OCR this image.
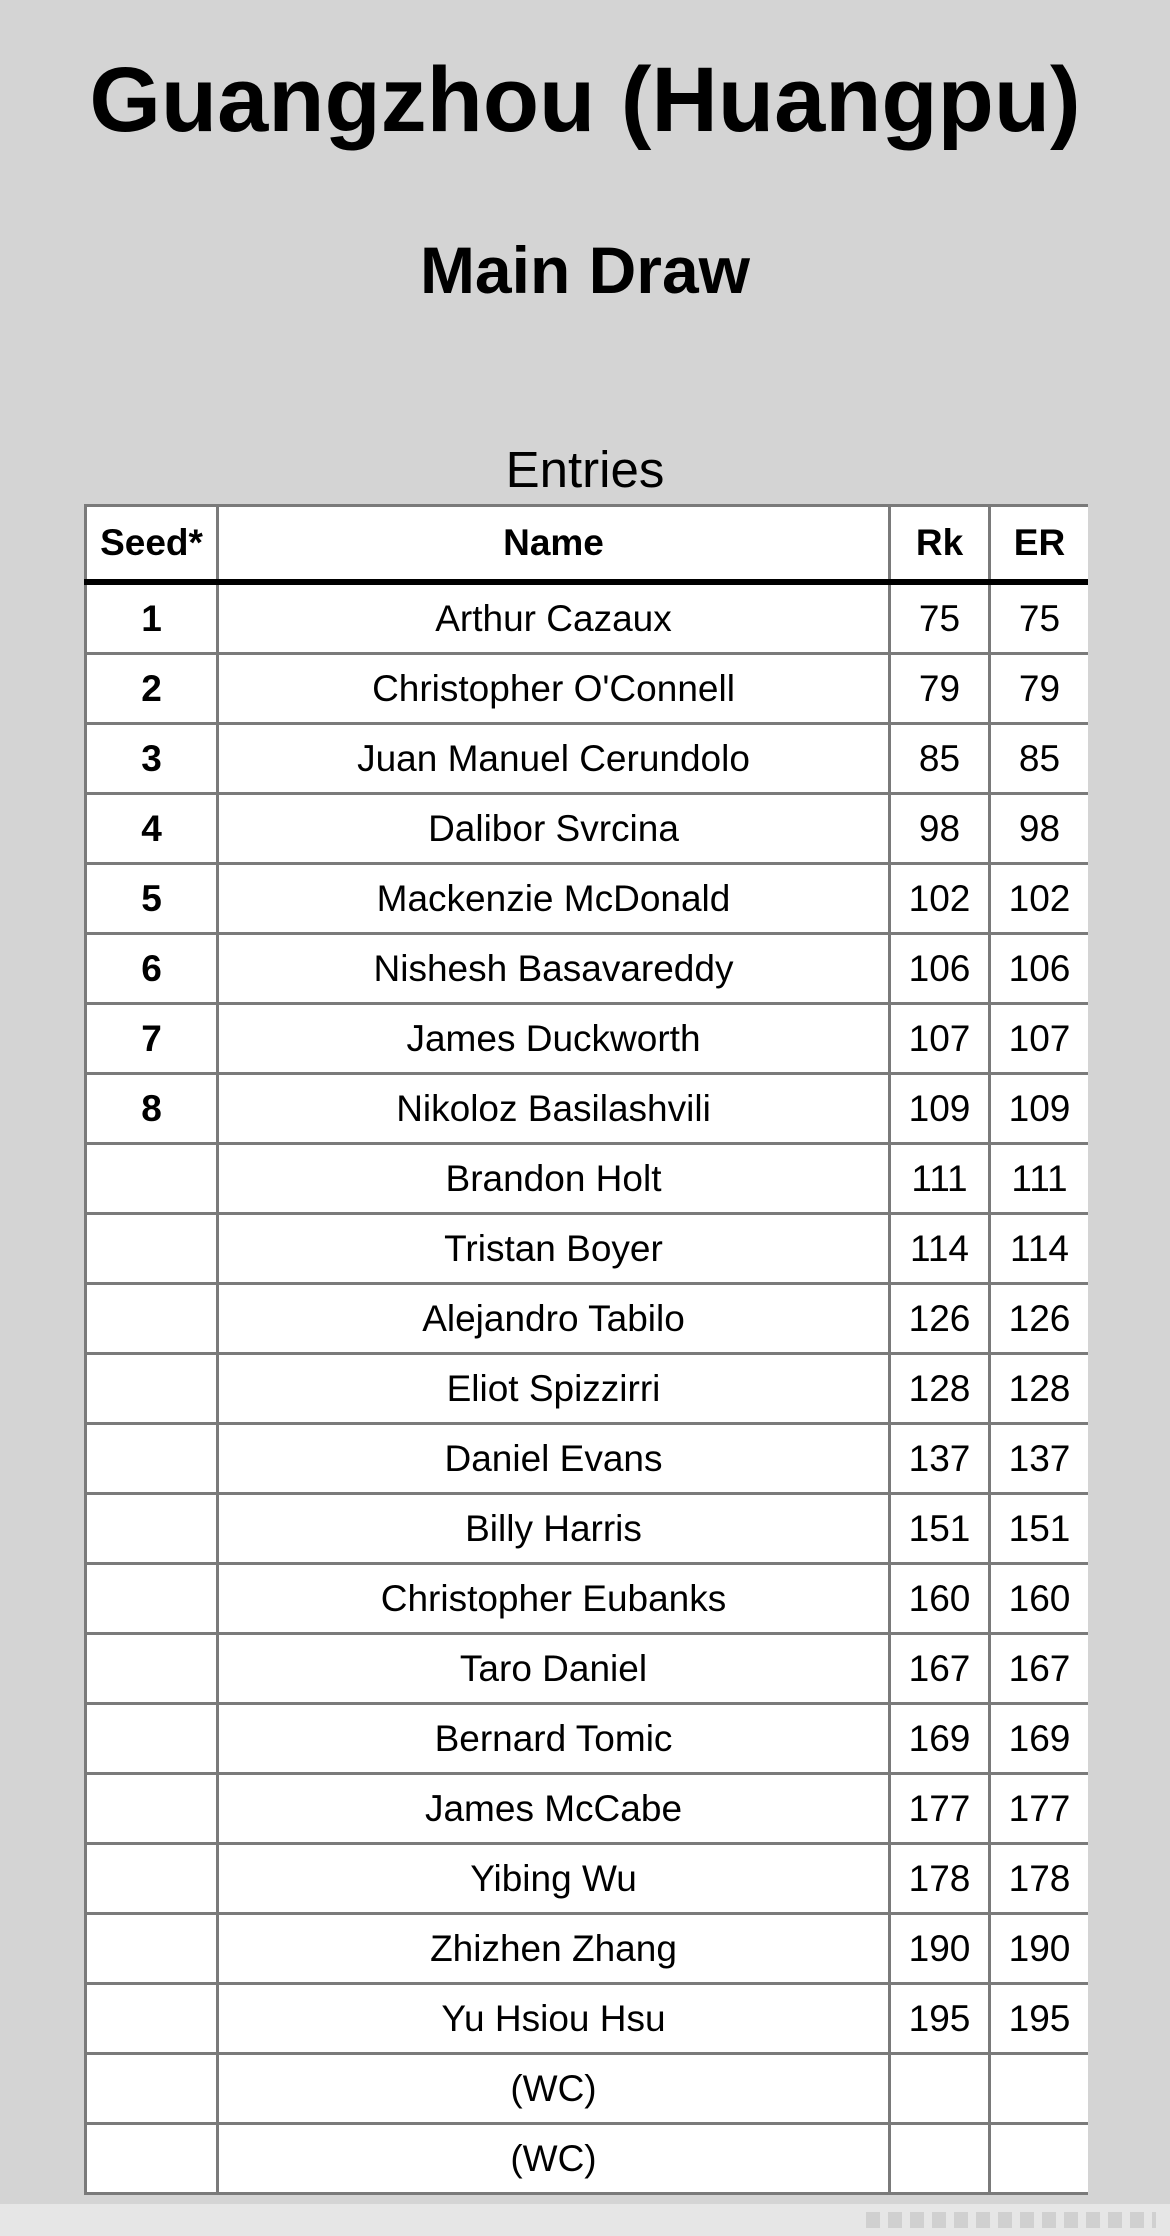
Guangzhou (Huangpu)
Main Draw
Entries
Seed*	Name	Rk	ER
1	Arthur Cazaux	75	75
2	Christopher O'Connell	79	79
3	Juan Manuel Cerundolo	85	85
4	Dalibor Svrcina	98	98
5	Mackenzie McDonald	102	102
6	Nishesh Basavareddy	106	106
7	James Duckworth	107	107
8	Nikoloz Basilashvili	109	109
	Brandon Holt	111	111
	Tristan Boyer	114	114
	Alejandro Tabilo	126	126
	Eliot Spizzirri	128	128
	Daniel Evans	137	137
	Billy Harris	151	151
	Christopher Eubanks	160	160
	Taro Daniel	167	167
	Bernard Tomic	169	169
	James McCabe	177	177
	Yibing Wu	178	178
	Zhizhen Zhang	190	190
	Yu Hsiou Hsu	195	195
	(WC)		
	(WC)		
